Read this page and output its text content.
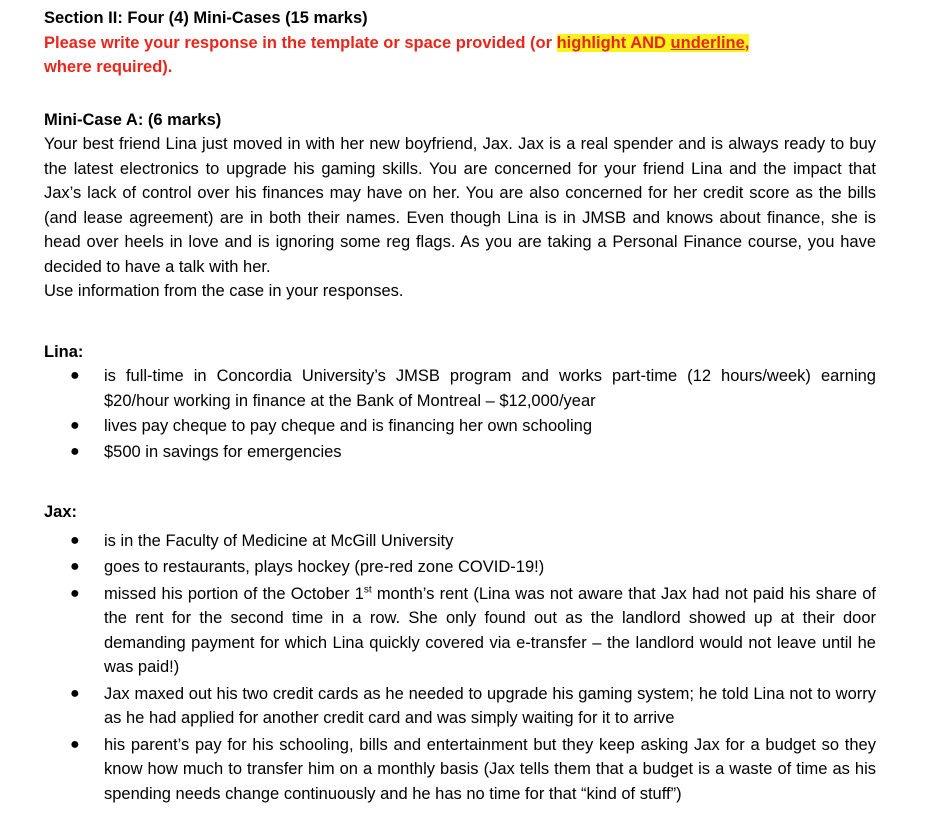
Section II: Four (4) Mini-Cases (15 marks)
Please write your response in the template or space provided (or highlight AND underline,
where required).
Mini-Case A: (6 marks)

Your best friend Lina just moved in with her new boyfriend, Jax. Jax is a real spender and is always ready to buy the latest electronics to upgrade his gaming skills. You are concerned for your friend Lina and the impact that Jax’s lack of control over his finances may have on her. You are also concerned for her credit score as the bills (and lease agreement) are in both their names. Even though Lina is in JMSB and knows about finance, she is head over heels in love and is ignoring some reg flags. As you are taking a Personal Finance course, you have decided to have a talk with her.

Use information from the case in your responses.
Lina:
● is full-time in Concordia University’s JMSB program and works part-time (12 hours/week) earning $20/hour working in finance at the Bank of Montreal – $12,000/year
● lives pay cheque to pay cheque and is financing her own schooling
● $500 in savings for emergencies
Jax:
● is in the Faculty of Medicine at McGill University
● goes to restaurants, plays hockey (pre-red zone COVID-19!)
● missed his portion of the October 1st month’s rent (Lina was not aware that Jax had not paid his share of the rent for the second time in a row. She only found out as the landlord showed up at their door demanding payment for which Lina quickly covered via e-transfer – the landlord would not leave until he was paid!)
● Jax maxed out his two credit cards as he needed to upgrade his gaming system; he told Lina not to worry as he had applied for another credit card and was simply waiting for it to arrive
● his parent’s pay for his schooling, bills and entertainment but they keep asking Jax for a budget so they know how much to transfer him on a monthly basis (Jax tells them that a budget is a waste of time as his spending needs change continuously and he has no time for that “kind of stuff”)
